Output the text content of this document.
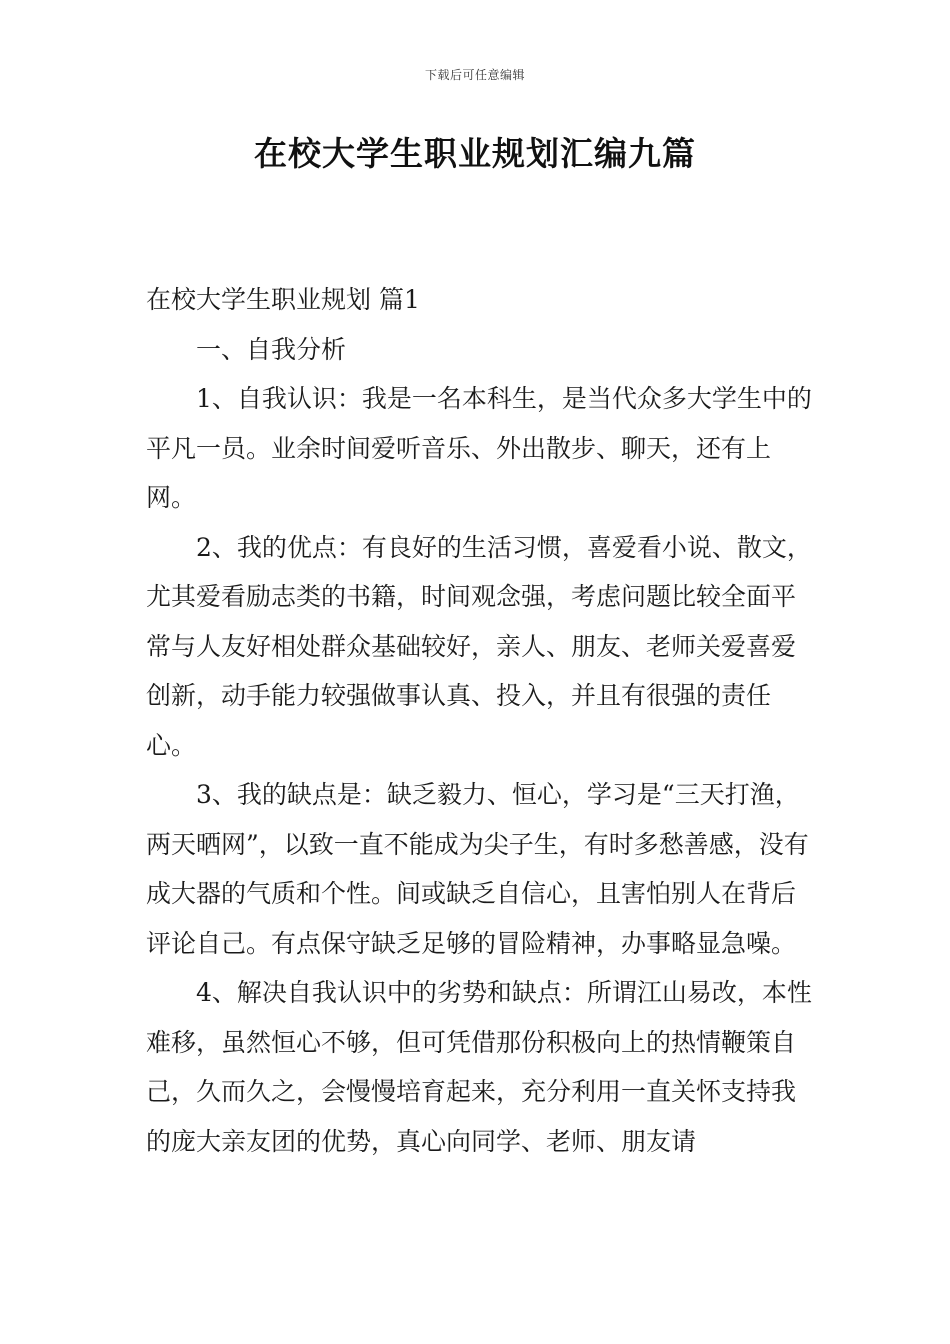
下载后可任意编辑
在校大学生职业规划汇编九篇

在校大学生职业规划 篇1

一、自我分析

1、自我认识：我是一名本科生，是当代众多大学生中的平凡一员。业余时间爱听音乐、外出散步、聊天，还有上网。

2、我的优点：有良好的生活习惯，喜爱看小说、散文，尤其爱看励志类的书籍，时间观念强，考虑问题比较全面平常与人友好相处群众基础较好，亲人、朋友、老师关爱喜爱创新，动手能力较强做事认真、投入，并且有很强的责任心。

3、我的缺点是：缺乏毅力、恒心，学习是“三天打渔，两天晒网”，以致一直不能成为尖子生，有时多愁善感，没有成大器的气质和个性。间或缺乏自信心，且害怕别人在背后评论自己。有点保守缺乏足够的冒险精神，办事略显急噪。

4、解决自我认识中的劣势和缺点：所谓江山易改，本性难移，虽然恒心不够，但可凭借那份积极向上的热情鞭策自己，久而久之，会慢慢培育起来，充分利用一直关怀支持我的庞大亲友团的优势，真心向同学、老师、朋友请
